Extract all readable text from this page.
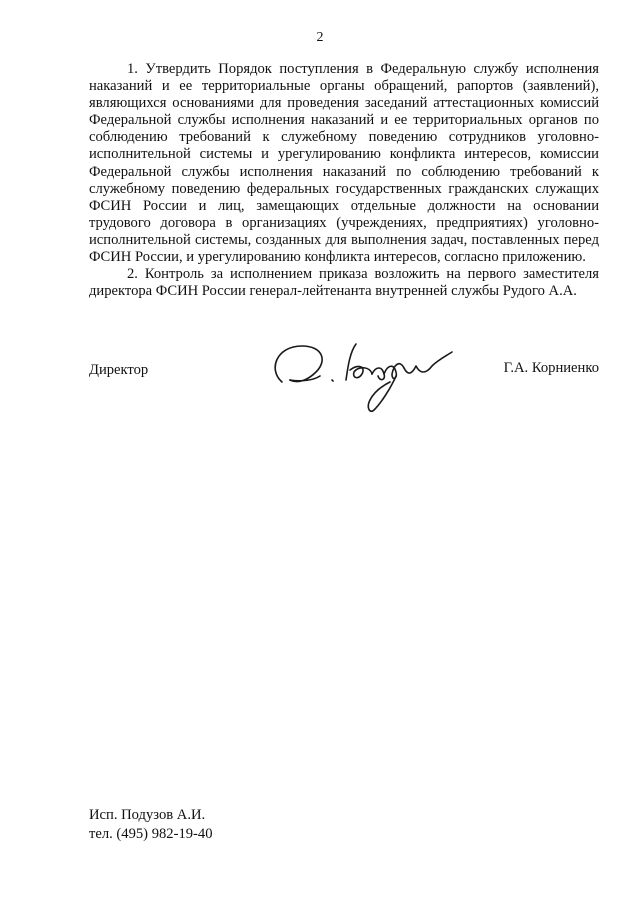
2

1. Утвердить Порядок поступления в Федеральную службу исполнения наказаний и ее территориальные органы обращений, рапортов (заявлений), являющихся основаниями для проведения заседаний аттестационных комиссий Федеральной службы исполнения наказаний и ее территориальных органов по соблюдению требований к служебному поведению сотрудников уголовно-исполнительной системы и урегулированию конфликта интересов, комиссии Федеральной службы исполнения наказаний по соблюдению требований к служебному поведению федеральных государственных гражданских служащих ФСИН России и лиц, замещающих отдельные должности на основании трудового договора в организациях (учреждениях, предприятиях) уголовно-исполнительной системы, созданных для выполнения задач, поставленных перед ФСИН России, и урегулированию конфликта интересов, согласно приложению.

2. Контроль за исполнением приказа возложить на первого заместителя директора ФСИН России генерал-лейтенанта внутренней службы Рудого А.А.

Директор	Г.А. Корниенко
Исп. Подузов А.И.
тел. (495) 982-19-40
